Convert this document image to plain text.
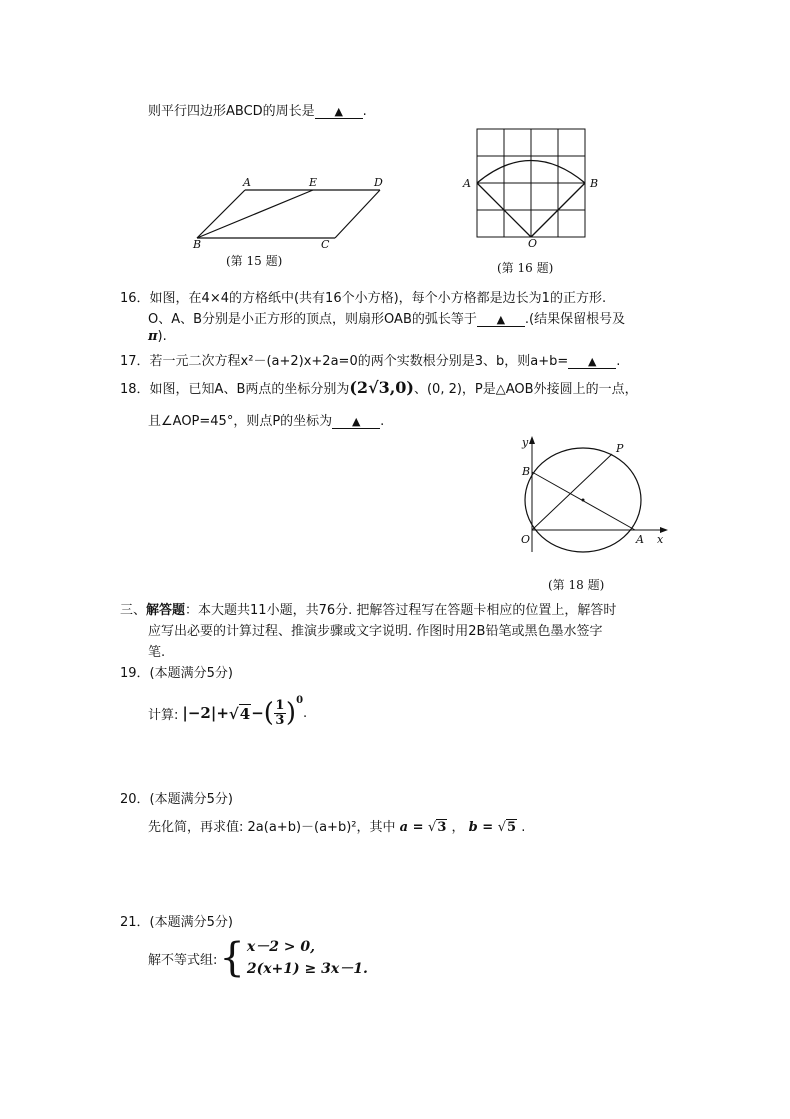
则平行四边形ABCD的周长是 ▲ .
A	E	D
B	C
(第 15 题)
A	B
O
(第 16 题)
16．如图，在4×4的方格纸中(共有16个小方格)，每个小方格都是边长为1的正方形.
O、A、B分别是小正方形的顶点，则扇形OAB的弧长等于 ▲ .(结果保留根号及
π).
17．若一元二次方程x²－(a+2)x+2a=0的两个实数根分别是3、b，则a+b= ▲ .
18．如图，已知A、B两点的坐标分别为(2√3,0)、(0, 2)，P是△AOB外接圆上的一点，
且∠AOP=45°，则点P的坐标为 ▲ .
y
x
B
P
O	A
(第 18 题)
三、解答题：本大题共11小题，共76分. 把解答过程写在答题卡相应的位置上，解答时
应写出必要的计算过程、推演步骤或文字说明. 作图时用2B铅笔或黑色墨水签字
笔.
19．(本题满分5分)
计算: |−2| + √4 − ( 1
3 ) 0
.
20．(本题满分5分)
先化简，再求值: 2a(a+b)－(a+b)²，其中 a = √3 ， b = √5 .
21．(本题满分5分)
解不等式组: { x－2 > 0,
2(x+1) ≥ 3x－1.
